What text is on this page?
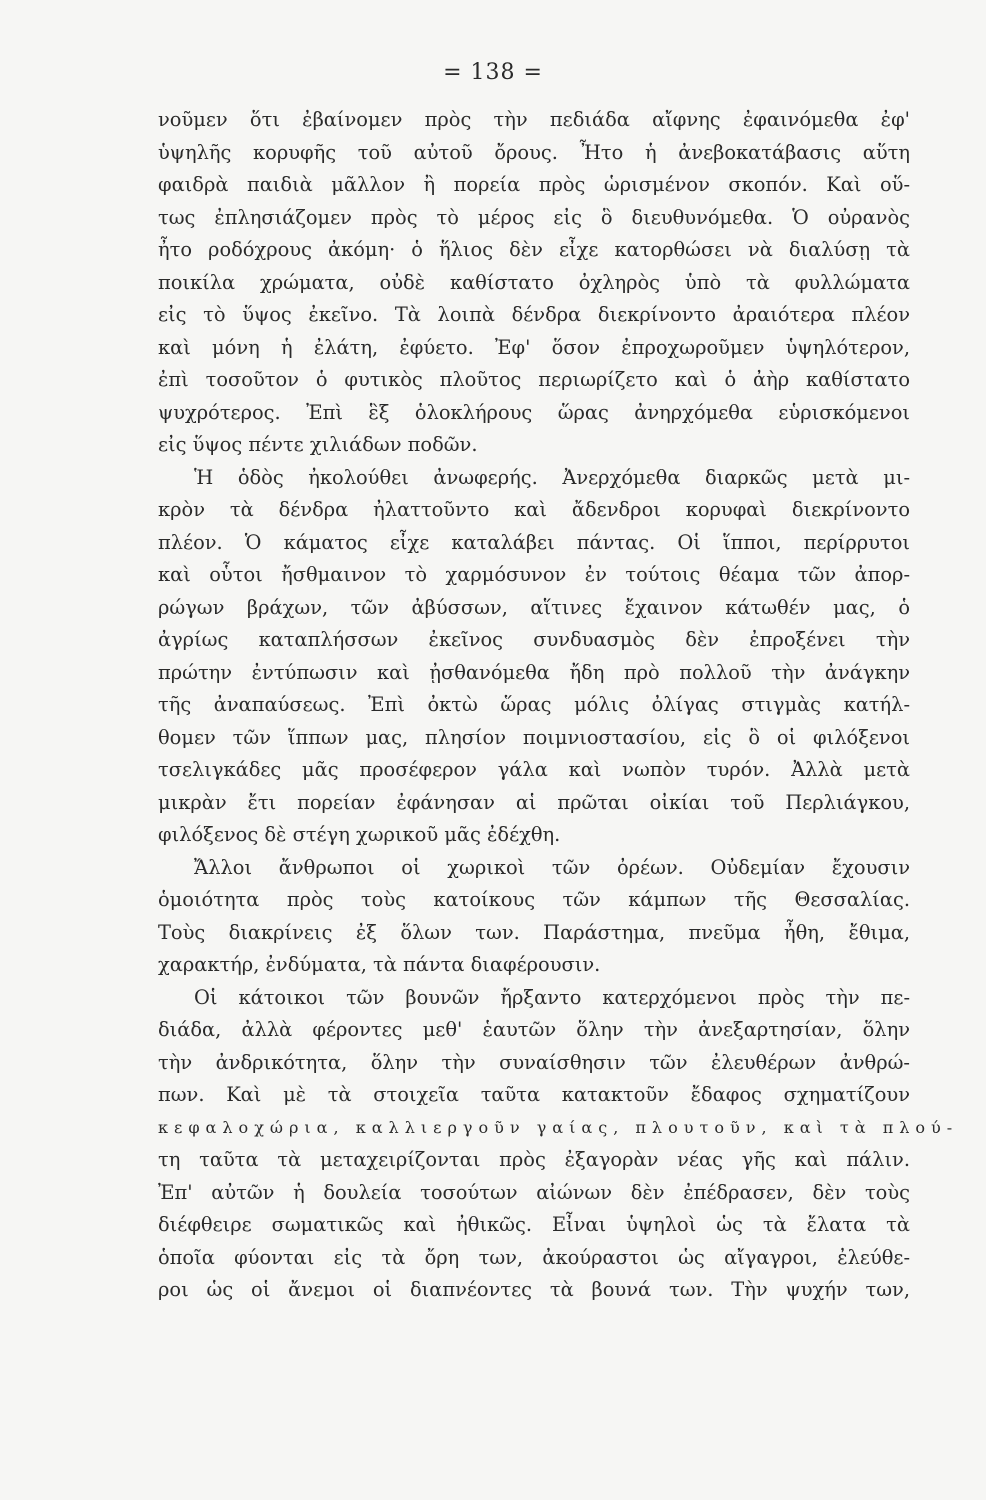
= 138 =
νοῦμεν ὅτι ἐβαίνομεν πρὸς τὴν πεδιάδα αἴφνης ἐφαινόμεθα ἐφ'
ὑψηλῆς κορυφῆς τοῦ αὐτοῦ ὄρους. Ἦτο ἡ ἀνεβοκατάβασις αὕτη
φαιδρὰ παιδιὰ μᾶλλον ἢ πορεία πρὸς ὡρισμένον σκοπόν. Καὶ οὕ-
τως ἐπλησιάζομεν πρὸς τὸ μέρος εἰς ὃ διευθυνόμεθα. Ὁ οὐρανὸς
ἦτο ροδόχρους ἀκόμη· ὁ ἥλιος δὲν εἶχε κατορθώσει νὰ διαλύσῃ τὰ
ποικίλα χρώματα, οὐδὲ καθίστατο ὀχληρὸς ὑπὸ τὰ φυλλώματα
εἰς τὸ ὕψος ἐκεῖνο. Τὰ λοιπὰ δένδρα διεκρίνοντο ἀραιότερα πλέον
καὶ μόνη ἡ ἐλάτη, ἐφύετο. Ἐφ' ὅσον ἐπροχωροῦμεν ὑψηλότερον,
ἐπὶ τοσοῦτον ὁ φυτικὸς πλοῦτος περιωρίζετο καὶ ὁ ἀὴρ καθίστατο
ψυχρότερος. Ἐπὶ ἓξ ὁλοκλήρους ὥρας ἀνηρχόμεθα εὑρισκόμενοι
εἰς ὕψος πέντε χιλιάδων ποδῶν.
Ἡ ὁδὸς ἠκολούθει ἀνωφερής. Ἀνερχόμεθα διαρκῶς μετὰ μι-
κρὸν τὰ δένδρα ἠλαττοῦντο καὶ ἄδενδροι κορυφαὶ διεκρίνοντο
πλέον. Ὁ κάματος εἶχε καταλάβει πάντας. Οἱ ἵπποι, περίρρυτοι
καὶ οὗτοι ἤσθμαινον τὸ χαρμόσυνον ἐν τούτοις θέαμα τῶν ἀπορ-
ρώγων βράχων, τῶν ἀβύσσων, αἵτινες ἔχαινον κάτωθέν μας, ὁ
ἀγρίως καταπλήσσων ἐκεῖνος συνδυασμὸς δὲν ἐπροξένει τὴν
πρώτην ἐντύπωσιν καὶ ᾐσθανόμεθα ἤδη πρὸ πολλοῦ τὴν ἀνάγκην
τῆς ἀναπαύσεως. Ἐπὶ ὀκτὼ ὥρας μόλις ὀλίγας στιγμὰς κατήλ-
θομεν τῶν ἵππων μας, πλησίον ποιμνιοστασίου, εἰς ὃ οἱ φιλόξενοι
τσελιγκάδες μᾶς προσέφερον γάλα καὶ νωπὸν τυρόν. Ἀλλὰ μετὰ
μικρὰν ἔτι πορείαν ἐφάνησαν αἱ πρῶται οἰκίαι τοῦ Περλιάγκου,
φιλόξενος δὲ στέγη χωρικοῦ μᾶς ἐδέχθη.
Ἄλλοι ἄνθρωποι οἱ χωρικοὶ τῶν ὀρέων. Οὐδεμίαν ἔχουσιν
ὁμοιότητα πρὸς τοὺς κατοίκους τῶν κάμπων τῆς Θεσσαλίας.
Τοὺς διακρίνεις ἐξ ὅλων των. Παράστημα, πνεῦμα ἦθη, ἔθιμα,
χαρακτήρ, ἐνδύματα, τὰ πάντα διαφέρουσιν.
Οἱ κάτοικοι τῶν βουνῶν ἤρξαντο κατερχόμενοι πρὸς τὴν πε-
διάδα, ἀλλὰ φέροντες μεθ' ἑαυτῶν ὅλην τὴν ἀνεξαρτησίαν, ὅλην
τὴν ἀνδρικότητα, ὅλην τὴν συναίσθησιν τῶν ἐλευθέρων ἀνθρώ-
πων. Καὶ μὲ τὰ στοιχεῖα ταῦτα κατακτοῦν ἔδαφος σχηματίζουν
κεφαλοχώρια, καλλιεργοῦν γαίας, πλουτοῦν, καὶ τὰ πλού-
τη ταῦτα τὰ μεταχειρίζονται πρὸς ἐξαγορὰν νέας γῆς καὶ πάλιν.
Ἐπ' αὐτῶν ἡ δουλεία τοσούτων αἰώνων δὲν ἐπέδρασεν, δὲν τοὺς
διέφθειρε σωματικῶς καὶ ἠθικῶς. Εἶναι ὑψηλοὶ ὡς τὰ ἔλατα τὰ
ὁποῖα φύονται εἰς τὰ ὄρη των, ἀκούραστοι ὡς αἴγαγροι, ἐλεύθε-
ροι ὡς οἱ ἄνεμοι οἱ διαπνέοντες τὰ βουνά των. Τὴν ψυχήν των,
